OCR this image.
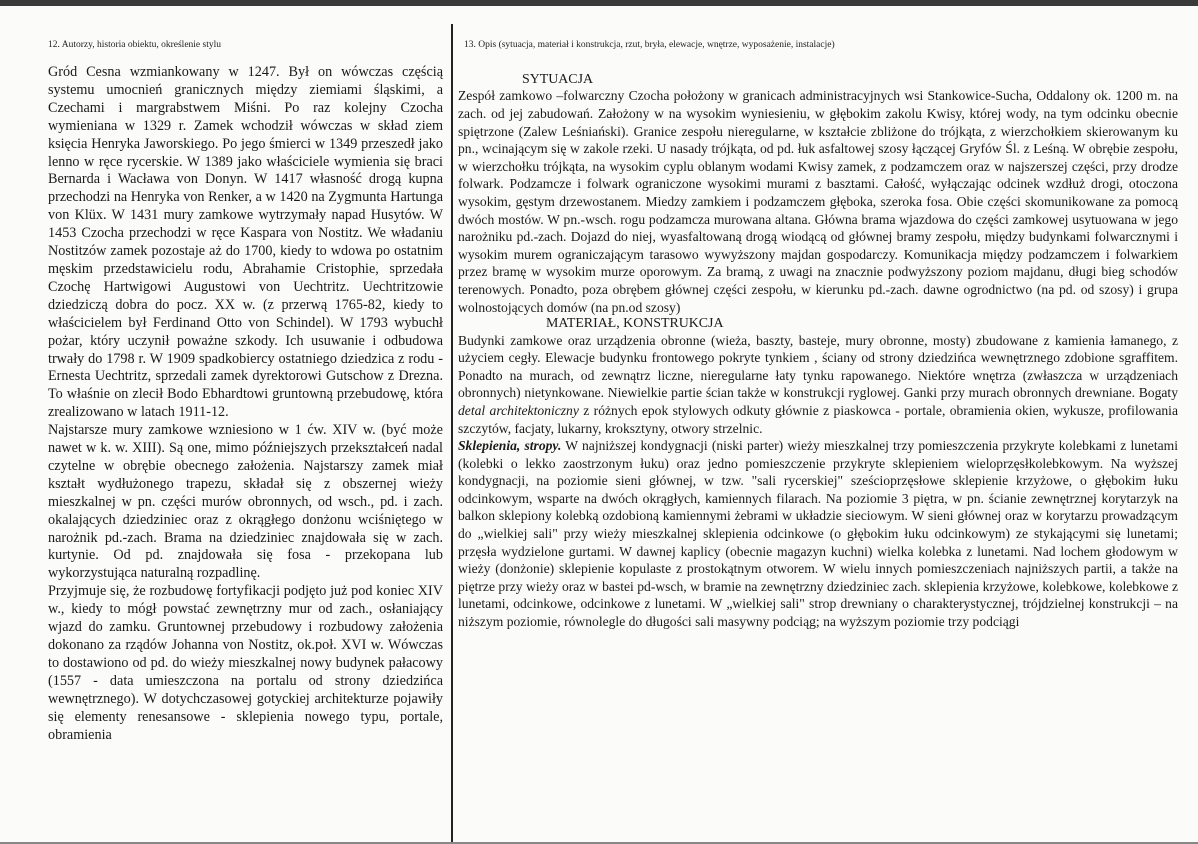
12. Autorzy, historia obiektu, określenie stylu

Gród Cesna wzmiankowany w 1247. Był on wówczas częścią systemu umocnień granicznych między ziemiami śląskimi, a Czechami i margrabstwem Miśni. Po raz kolejny Czocha wymieniana w 1329 r. Zamek wchodził wówczas w skład ziem księcia Henryka Jaworskiego. Po jego śmierci w 1349 przeszedł jako lenno w ręce rycerskie. W 1389 jako właściciele wymienia się braci Bernarda i Wacława von Donyn. W 1417 własność drogą kupna przechodzi na Henryka von Renker, a w 1420 na Zygmunta Hartunga von Klüx. W 1431 mury zamkowe wytrzymały napad Husytów. W 1453 Czocha przechodzi w ręce Kaspara von Nostitz. We władaniu Nostitzów zamek pozostaje aż do 1700, kiedy to wdowa po ostatnim męskim przedstawicielu rodu, Abrahamie Cristophie, sprzedała Czochę Hartwigowi Augustowi von Uechtritz. Uechtritzowie dziedziczą dobra do pocz. XX w. (z przerwą 1765-82, kiedy to właścicielem był Ferdinand Otto von Schindel). W 1793 wybuchł pożar, który uczynił poważne szkody. Ich usuwanie i odbudowa trwały do 1798 r. W 1909 spadkobiercy ostatniego dziedzica z rodu - Ernesta Uechtritz, sprzedali zamek dyrektorowi Gutschow z Drezna. To właśnie on zlecił Bodo Ebhardtowi gruntowną przebudowę, która zrealizowano w latach 1911-12.

Najstarsze mury zamkowe wzniesiono w 1 ćw. XIV w. (być może nawet w k. w. XIII). Są one, mimo późniejszych przekształceń nadal czytelne w obrębie obecnego założenia. Najstarszy zamek miał kształt wydłużonego trapezu, składał się z obszernej wieży mieszkalnej w pn. części murów obronnych, od wsch., pd. i zach. okalających dziedziniec oraz z okrągłego donżonu wciśniętego w narożnik pd.-zach. Brama na dziedziniec znajdowała się w zach. kurtynie. Od pd. znajdowała się fosa - przekopana lub wykorzystująca naturalną rozpadlinę.

Przyjmuje się, że rozbudowę fortyfikacji podjęto już pod koniec XIV w., kiedy to mógł powstać zewnętrzny mur od zach., osłaniający wjazd do zamku. Gruntownej przebudowy i rozbudowy założenia dokonano za rządów Johanna von Nostitz, ok.poł. XVI w. Wówczas to dostawiono od pd. do wieży mieszkalnej nowy budynek pałacowy (1557 - data umieszczona na portalu od strony dziedzińca wewnętrznego). W dotychczasowej gotyckiej architekturze pojawiły się elementy renesansowe - sklepienia nowego typu, portale, obramienia

13. Opis (sytuacja, materiał i konstrukcja, rzut, bryła, elewacje, wnętrze, wyposażenie, instalacje)

SYTUACJA

Zespół zamkowo –folwarczny Czocha położony w granicach administracyjnych wsi Stankowice-Sucha, Oddalony ok. 1200 m. na zach. od jej zabudowań. Założony w na wysokim wyniesieniu, w głębokim zakolu Kwisy, której wody, na tym odcinku obecnie spiętrzone (Zalew Leśniański). Granice zespołu nieregularne, w kształcie zbliżone do trójkąta, z wierzchołkiem skierowanym ku pn., wcinającym się w zakole rzeki. U nasady trójkąta, od pd. łuk asfaltowej szosy łączącej Gryfów Śl. z Leśną. W obrębie zespołu, w wierzchołku trójkąta, na wysokim cyplu oblanym wodami Kwisy zamek, z podzamczem oraz w najszerszej części, przy drodze folwark. Podzamcze i folwark ograniczone wysokimi murami z basztami. Całość, wyłączając odcinek wzdłuż drogi, otoczona wysokim, gęstym drzewostanem. Miedzy zamkiem i podzamczem głęboka, szeroka fosa. Obie części skomunikowane za pomocą dwóch mostów. W pn.-wsch. rogu podzamcza murowana altana. Główna brama wjazdowa do części zamkowej usytuowana w jego narożniku pd.-zach. Dojazd do niej, wyasfaltowaną drogą wiodącą od głównej bramy zespołu, między budynkami folwarcznymi i wysokim murem ograniczającym tarasowo wywyższony majdan gospodarczy. Komunikacja między podzamczem i folwarkiem przez bramę w wysokim murze oporowym. Za bramą, z uwagi na znacznie podwyższony poziom majdanu, długi bieg schodów terenowych. Ponadto, poza obrębem głównej części zespołu, w kierunku pd.-zach. dawne ogrodnictwo (na pd. od szosy) i grupa wolnostojących domów (na pn.od szosy)

MATERIAŁ, KONSTRUKCJA

Budynki zamkowe oraz urządzenia obronne (wieża, baszty, basteje, mury obronne, mosty) zbudowane z kamienia łamanego, z użyciem cegły. Elewacje budynku frontowego pokryte tynkiem , ściany od strony dziedzińca wewnętrznego zdobione sgraffitem. Ponadto na murach, od zewnątrz liczne, nieregularne łaty tynku rapowanego. Niektóre wnętrza (zwłaszcza w urządzeniach obronnych) nietynkowane. Niewielkie partie ścian także w konstrukcji ryglowej. Ganki przy murach obronnych drewniane. Bogaty detal architektoniczny z różnych epok stylowych odkuty głównie z piaskowca - portale, obramienia okien, wykusze, profilowania szczytów, facjaty, lukarny, kroksztyny, otwory strzelnic.

Sklepienia, stropy. W najniższej kondygnacji (niski parter) wieży mieszkalnej trzy pomieszczenia przykryte kolebkami z lunetami (kolebki o lekko zaostrzonym łuku) oraz jedno pomieszczenie przykryte sklepieniem wieloprzęsłkolebkowym. Na wyższej kondygnacji, na poziomie sieni głównej, w tzw. "sali rycerskiej" sześcioprzęsłowe sklepienie krzyżowe, o głębokim łuku odcinkowym, wsparte na dwóch okrągłych, kamiennych filarach. Na poziomie 3 piętra, w pn. ścianie zewnętrznej korytarzyk na balkon sklepiony kolebką ozdobioną kamiennymi żebrami w układzie sieciowym. W sieni głównej oraz w korytarzu prowadzącym do „wielkiej sali" przy wieży mieszkalnej sklepienia odcinkowe (o głębokim łuku odcinkowym) ze stykającymi się lunetami; przęsła wydzielone gurtami. W dawnej kaplicy (obecnie magazyn kuchni) wielka kolebka z lunetami. Nad lochem głodowym w wieży (donżonie) sklepienie kopulaste z prostokątnym otworem. W wielu innych pomieszczeniach najniższych partii, a także na piętrze przy wieży oraz w bastei pd-wsch, w bramie na zewnętrzny dziedziniec zach. sklepienia krzyżowe, kolebkowe, kolebkowe z lunetami, odcinkowe, odcinkowe z lunetami. W „wielkiej sali" strop drewniany o charakterystycznej, trójdzielnej konstrukcji – na niższym poziomie, równolegle do długości sali masywny podciąg; na wyższym poziomie trzy podciągi
